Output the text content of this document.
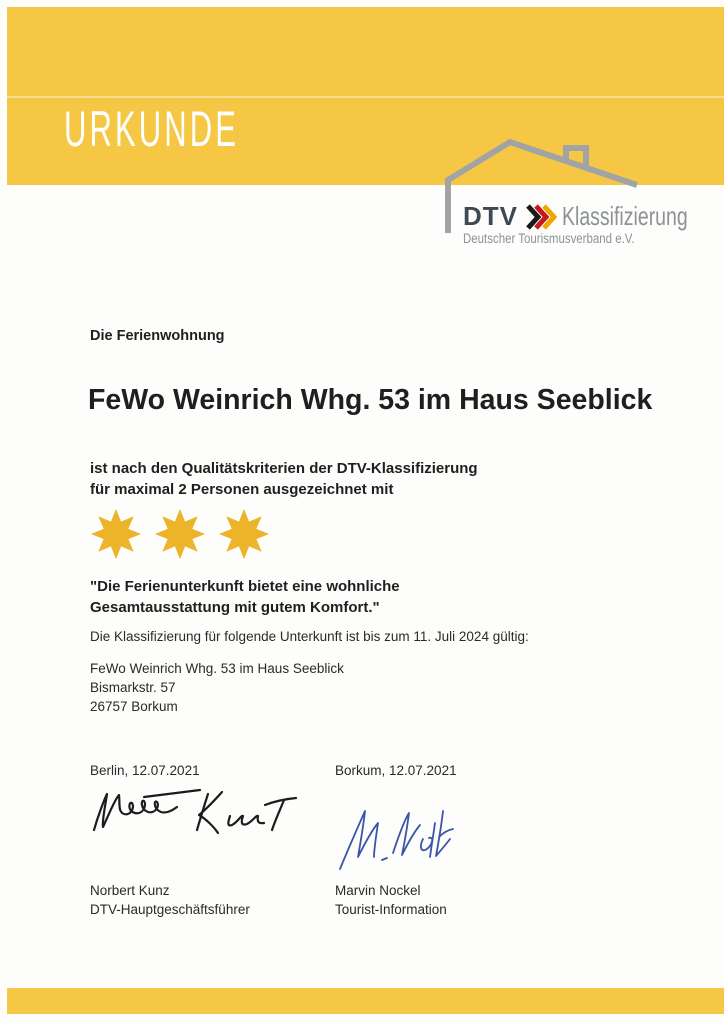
URKUNDE
DTV Klassifizierung
Deutscher Tourismusverband e.V.
Die Ferienwohnung
FeWo Weinrich Whg. 53 im Haus Seeblick
ist nach den Qualitätskriterien der DTV-Klassifizierung
für maximal 2 Personen ausgezeichnet mit
"Die Ferienunterkunft bietet eine wohnliche
Gesamtausstattung mit gutem Komfort."
Die Klassifizierung für folgende Unterkunft ist bis zum 11. Juli 2024 gültig:
FeWo Weinrich Whg. 53 im Haus Seeblick
Bismarkstr. 57
26757 Borkum
Berlin, 12.07.2021	Borkum, 12.07.2021
Norbert Kunz
DTV-Hauptgeschäftsführer
Marvin Nockel
Tourist-Information
